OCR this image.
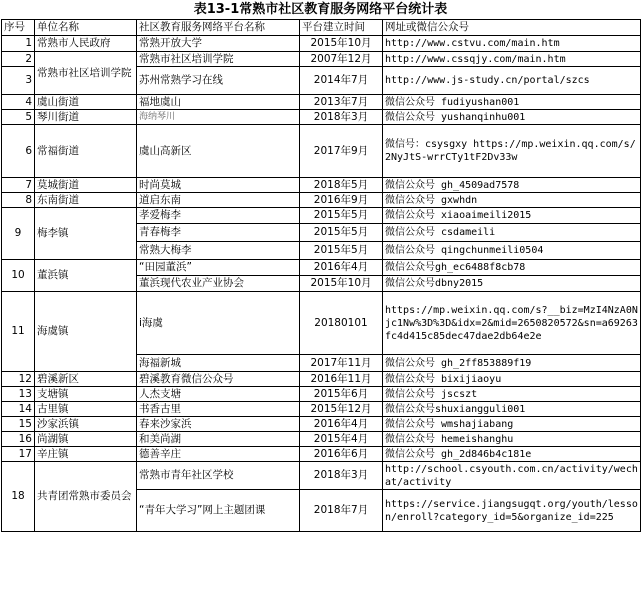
表13-1常熟市社区教育服务网络平台统计表
序号	单位名称	社区教育服务网络平台名称	平台建立时间	网址或微信公众号
1	常熟市人民政府	常熟开放大学	2015年10月	http://www.cstvu.com/main.htm
2	常熟市社区培训学院	常熟市社区培训学院	2007年12月	http://www.cssqjy.com/main.htm
3		苏州常熟学习在线	2014年7月	http://www.js-study.cn/portal/szcs
4	虞山街道	福地虞山	2013年7月	微信公众号 fudiyushan001
5	琴川街道	海纳琴川	2018年3月	微信公众号 yushanqinhu001
6	常福街道	虞山高新区	2017年9月	微信号：csysgxy https://mp.weixin.qq.com/s/2NyJtS-wrrCTy1tF2Dv33w
7	莫城街道	时尚莫城	2018年5月	微信公众号 gh_4509ad7578
8	东南街道	道启东南	2016年9月	微信公众号 gxwhdn
9	梅李镇	孝爱梅李	2015年5月	微信公众号 xiaoaimeili2015
		青春梅李	2015年5月	微信公众号 csdameili
		常熟大梅李	2015年5月	微信公众号 qingchunmeili0504
10	董浜镇	“田园董浜”	2016年4月	微信公众号gh_ec6488f8cb78
		董浜现代农业产业协会	2015年10月	微信公众号dbny2015
11	海虞镇	i海虞	20180101	https://mp.weixin.qq.com/s?__biz=MzI4NzA0Njc1Nw%3D%3D&idx=2&mid=2650820572&sn=a69263fc4d415c85dec47dae2db64e2e
		海福新城	2017年11月	微信公众号 gh_2ff853889f19
12	碧溪新区	碧溪教育微信公众号	2016年11月	微信公众号 bixijiaoyu
13	支塘镇	人杰支塘	2015年6月	微信公众号 jscszt
14	古里镇	书香古里	2015年12月	微信公众号shuxiangguli001
15	沙家浜镇	春来沙家浜	2016年4月	微信公众号 wmshajiabang
16	尚湖镇	和美尚湖	2015年4月	微信公众号 hemeishanghu
17	辛庄镇	德善辛庄	2016年6月	微信公众号 gh_2d846b4c181e
18	共青团常熟市委员会	常熟市青年社区学校	2018年3月	http://school.csyouth.com.cn/activity/wechat/activity
		“青年大学习”网上主题团课	2018年7月	https://service.jiangsugqt.org/youth/lesson/enroll?category_id=5&organize_id=225
